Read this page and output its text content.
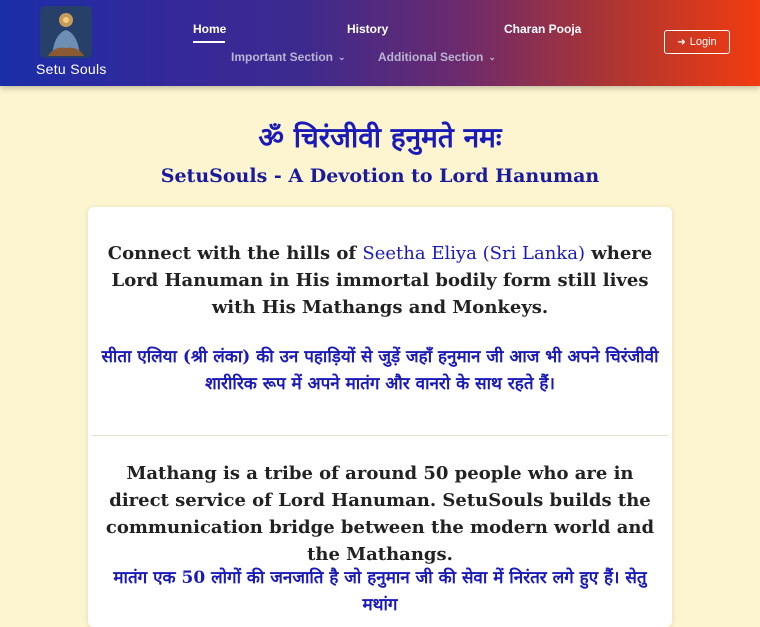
Setu Souls
Home	History	Charan Pooja
Important Section ⌄	Additional Section ⌄
➜ Login
ॐ चिरंजीवी हनुमते नमः
SetuSouls - A Devotion to Lord Hanuman
Connect with the hills of Seetha Eliya (Sri Lanka) where Lord Hanuman in His immortal bodily form still lives with His Mathangs and Monkeys.
सीता एलिया (श्री लंका) की उन पहाड़ियों से जुड़ें जहाँ हनुमान जी आज भी अपने चिरंजीवी शारीरिक रूप में अपने मातंग और वानरो के साथ रहते हैं।
Mathang is a tribe of around 50 people who are in direct service of Lord Hanuman. SetuSouls builds the communication bridge between the modern world and the Mathangs.
मातंग एक 50 लोगों की जनजाति है जो हनुमान जी की सेवा में निरंतर लगे हुए हैं। सेतु मथांग
